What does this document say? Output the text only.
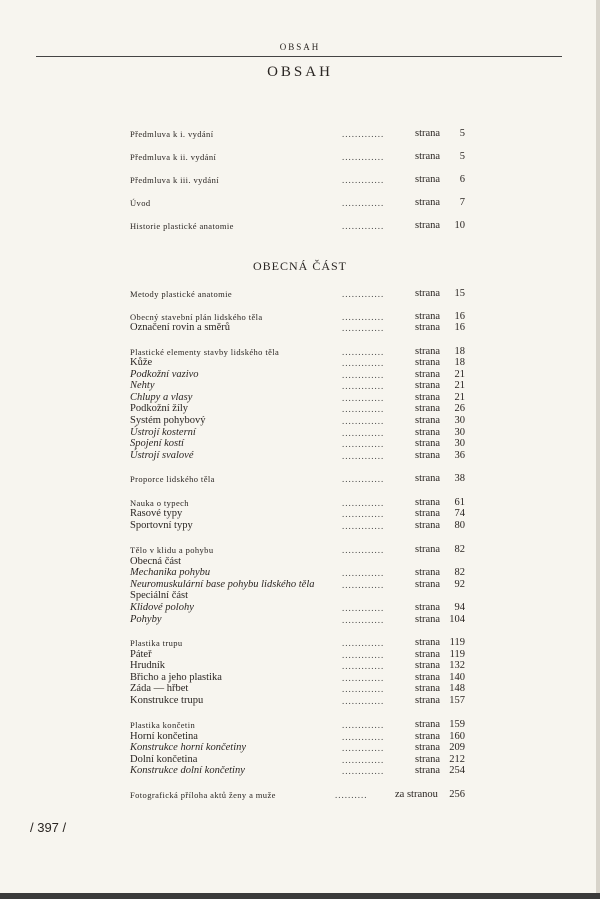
OBSAH
OBSAH
OBECNÁ ČÁST
Předmluva k i. vydání	.............	strana 5
Předmluva k ii. vydání	.............	strana 5
Předmluva k iii. vydání	.............	strana 6
Úvod	.............	strana 7
Historie plastické anatomie	.............	strana 10
Metody plastické anatomie	.............	strana 15
Obecný stavební plán lidského těla	.............	strana 16
Označení rovin a směrů	.............	strana 16
Plastické elementy stavby lidského těla	.............	strana 18
Kůže	.............	strana 18
Podkožní vazivo	.............	strana 21
Nehty	.............	strana 21
Chlupy a vlasy	.............	strana 21
Podkožní žíly	.............	strana 26
Systém pohybový	.............	strana 30
Ústrojí kosterní	.............	strana 30
Spojení kostí	.............	strana 30
Ústrojí svalové	.............	strana 36
Proporce lidského těla	.............	strana 38
Nauka o typech	.............	strana 61
Rasové typy	.............	strana 74
Sportovní typy	.............	strana 80
Tělo v klidu a pohybu	.............	strana 82
Obecná část
Mechanika pohybu	.............	strana 82
Neuromuskulární base pohybu lidského těla	.............	strana 92
Speciální část
Klidové polohy	.............	strana 94
Pohyby	.............	strana 104
Plastika trupu	.............	strana 119
Páteř	.............	strana 119
Hrudník	.............	strana 132
Břicho a jeho plastika	.............	strana 140
Záda — hřbet	.............	strana 148
Konstrukce trupu	.............	strana 157
Plastika končetin	.............	strana 159
Horní končetina	.............	strana 160
Konstrukce horní končetiny	.............	strana 209
Dolní končetina	.............	strana 212
Konstrukce dolní končetiny	.............	strana 254
Fotografická příloha aktů ženy a muže	..........	za stranou 256
/ 397 /
